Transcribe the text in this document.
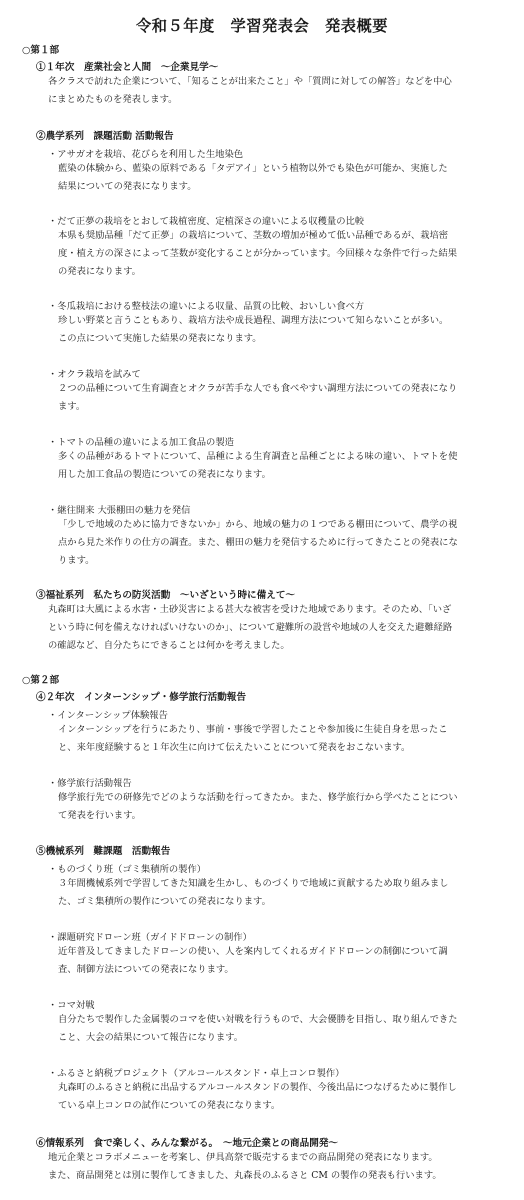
令和５年度　学習発表会　発表概要
○第１部
①１年次　産業社会と人間　～企業見学～
各クラスで訪れた企業について、「知ることが出来たこと」や「質問に対しての解答」などを中心
にまとめたものを発表します。
②農学系列　課題活動 活動報告
・アサガオを栽培、花びらを利用した生地染色
藍染の体験から、藍染の原料である「タデアイ」という植物以外でも染色が可能か、実施した
結果についての発表になります。
・だて正夢の栽培をとおして栽植密度、定植深さの違いによる収穫量の比較
本県も奨励品種「だて正夢」の栽培について、茎数の増加が極めて低い品種であるが、栽培密
度・植え方の深さによって茎数が変化することが分かっています。今回様々な条件で行った結果
の発表になります。
・冬瓜栽培における整枝法の違いによる収量、品質の比較、おいしい食べ方
珍しい野菜と言うこともあり、栽培方法や成長過程、調理方法について知らないことが多い。
この点について実施した結果の発表になります。
・オクラ栽培を試みて
２つの品種について生育調査とオクラが苦手な人でも食べやすい調理方法についての発表になり
ます。
・トマトの品種の違いによる加工食品の製造
多くの品種があるトマトについて、品種による生育調査と品種ごとによる味の違い、トマトを使
用した加工食品の製造についての発表になります。
・継往開来 大張棚田の魅力を発信
「少しで地域のために協力できないか」から、地域の魅力の１つである棚田について、農学の視
点から見た米作りの仕方の調査。また、棚田の魅力を発信するために行ってきたことの発表にな
ります。
③福祉系列　私たちの防災活動　～いざという時に備えて～
丸森町は大風による水害・土砂災害による甚大な被害を受けた地域であります。そのため、「いざ
という時に何を備えなければいけないのか」、について避難所の設営や地域の人を交えた避難経路
の確認など、自分たちにできることは何かを考えました。
○第２部
④２年次　インターンシップ・修学旅行活動報告
・インターンシップ体験報告
インターンシップを行うにあたり、事前・事後で学習したことや参加後に生徒自身を思ったこ
と、来年度経験すると１年次生に向けて伝えたいことについて発表をおこないます。
・修学旅行活動報告
修学旅行先での研修先でどのような活動を行ってきたか。また、修学旅行から学べたことについ
て発表を行います。
⑤機械系列　難課題　活動報告
・ものづくり班（ゴミ集積所の製作）
３年間機械系列で学習してきた知識を生かし、ものづくりで地域に貢献するため取り組みまし
た、ゴミ集積所の製作についての発表になります。
・課題研究ドローン班（ガイドドローンの制作）
近年普及してきましたドローンの使い、人を案内してくれるガイドドローンの制御について調
査、制御方法についての発表になります。
・コマ対戦
自分たちで製作した金属製のコマを使い対戦を行うもので、大会優勝を目指し、取り組んできた
こと、大会の結果について報告になります。
・ふるさと納税プロジェクト（アルコールスタンド・卓上コンロ製作）
丸森町のふるさと納税に出品するアルコールスタンドの製作、今後出品につなげるために製作し
ている卓上コンロの試作についての発表になります。
⑥情報系列　食で楽しく、みんな繋がる。　～地元企業との商品開発～
地元企業とコラボメニューを考案し、伊具高祭で販売するまでの商品開発の発表になります。
また、商品開発とは別に製作してきました、丸森長のふるさと CM の製作の発表も行います。
